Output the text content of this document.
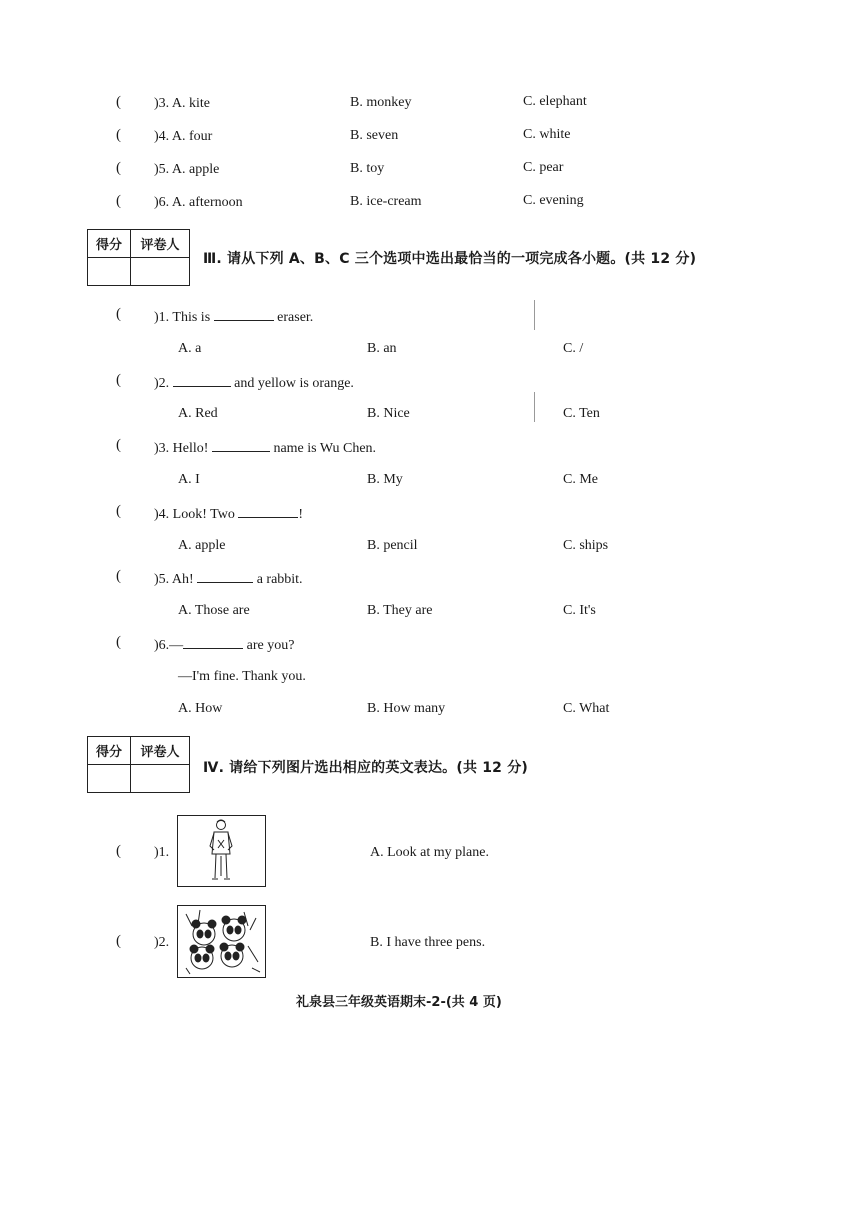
( )3. A. kite	B. monkey	C. elephant
( )4. A. four	B. seven	C. white
( )5. A. apple	B. toy	C. pear
( )6. A. afternoon	B. ice-cream	C. evening
得分	评卷人

Ⅲ. 请从下列 A、B、C 三个选项中选出最恰当的一项完成各小题。(共 12 分)
( )1. This is	eraser.
A. a	B. an	C. /
( )2.	and yellow is orange.
A. Red	B. Nice	C. Ten
( )3. Hello!	name is Wu Chen.
A. I	B. My	C. Me
( )4. Look! Two	!
A. apple	B. pencil	C. ships
( )5. Ah!	a rabbit.
A. Those are	B. They are	C. It's
( )6.—	are you?
—I'm fine. Thank you.
A. How	B. How many	C. What
得分	评卷人

Ⅳ. 请给下列图片选出相应的英文表达。(共 12 分)
( )1.	A. Look at my plane.
( )2.	B. I have three pens.
礼泉县三年级英语期末-2-(共 4 页)
